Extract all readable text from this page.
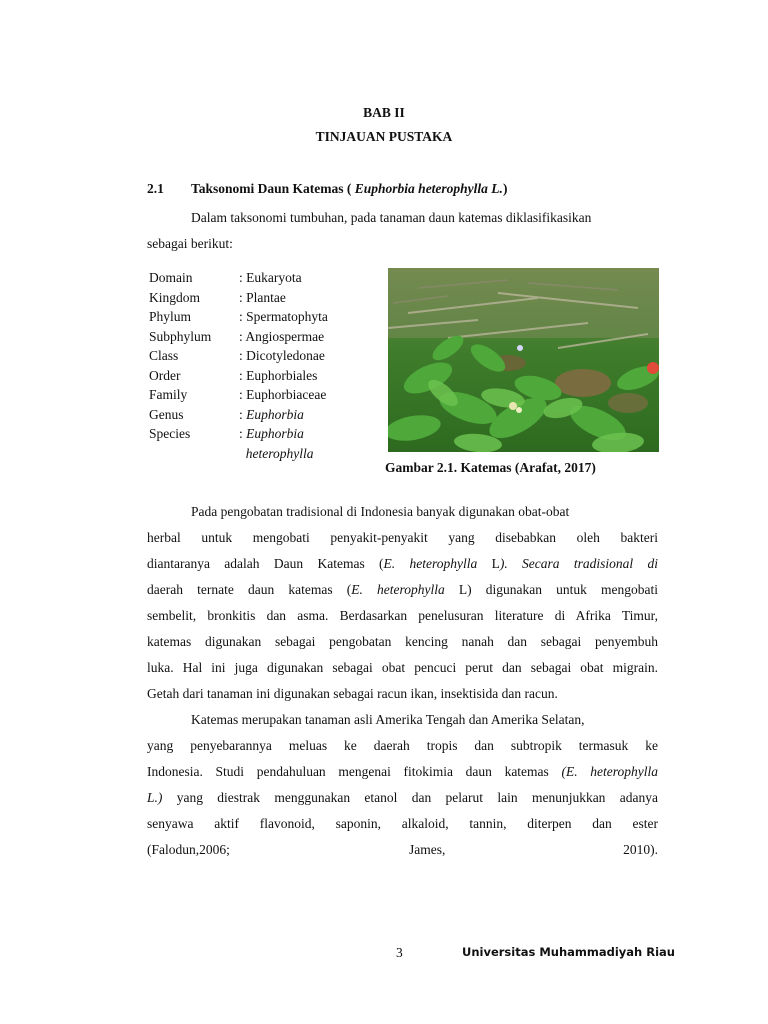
BAB II
TINJAUAN PUSTAKA
2.1 Taksonomi Daun Katemas ( Euphorbia heterophylla L.)
Dalam taksonomi tumbuhan, pada tanaman daun katemas diklasifikasikan
sebagai berikut:
Domain	: Eukaryota
Kingdom	: Plantae
Phylum	: Spermatophyta
Subphylum	: Angiospermae
Class	: Dicotyledonae
Order	: Euphorbiales
Family	: Euphorbiaceae
Genus	: Euphorbia
Species	: Euphorbia
	heterophylla
Gambar 2.1. Katemas (Arafat, 2017)
Pada pengobatan tradisional di Indonesia banyak digunakan obat-obat
herbal untuk mengobati penyakit-penyakit yang disebabkan oleh bakteri
diantaranya adalah Daun Katemas (E. heterophylla L). Secara tradisional di
daerah ternate daun katemas (E. heterophylla L) digunakan untuk mengobati
sembelit, bronkitis dan asma. Berdasarkan penelusuran literature di Afrika Timur,
katemas digunakan sebagai pengobatan kencing nanah dan sebagai penyembuh
luka. Hal ini juga digunakan sebagai obat pencuci perut dan sebagai obat migrain.
Getah dari tanaman ini digunakan sebagai racun ikan, insektisida dan racun.
Katemas merupakan tanaman asli Amerika Tengah dan Amerika Selatan,
yang penyebarannya meluas ke daerah tropis dan subtropik termasuk ke
Indonesia. Studi pendahuluan mengenai fitokimia daun katemas (E. heterophylla
L.) yang diestrak menggunakan etanol dan pelarut lain menunjukkan adanya
senyawa aktif flavonoid, saponin, alkaloid, tannin, diterpen dan ester
(Falodun,2006;	James,	2010).
3	Universitas Muhammadiyah Riau
